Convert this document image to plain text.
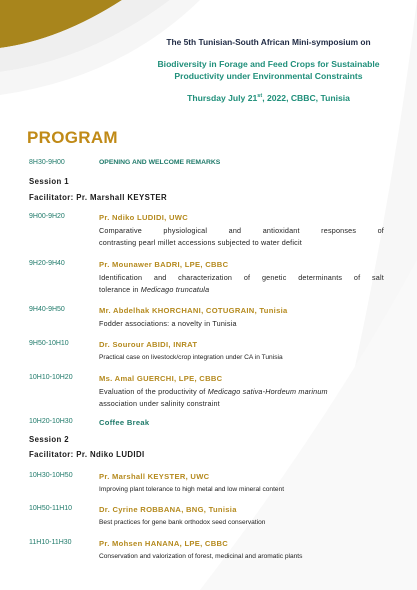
The 5th Tunisian-South African Mini-symposium on
Biodiversity in Forage and Feed Crops for Sustainable
Productivity under Environmental Constraints
Thursday July 21st, 2022, CBBC, Tunisia
PROGRAM
8H30-9H00	OPENING AND WELCOME REMARKS
Session 1
Facilitator: Pr. Marshall KEYSTER
9H00-9H20	Pr. Ndiko LUDIDI, UWC
Comparative physiological and antioxidant responses of
contrasting pearl millet accessions subjected to water deficit
9H20-9H40	Pr. Mounawer BADRI, LPE, CBBC
Identification and characterization of genetic determinants of salt
tolerance in Medicago truncatula
9H40-9H50	Mr. Abdelhak KHORCHANI, COTUGRAIN, Tunisia
Fodder associations: a novelty in Tunisia
9H50-10H10	Dr. Sourour ABIDI, INRAT
Practical case on livestock/crop integration under CA in Tunisia
10H10-10H20	Ms. Amal GUERCHI, LPE, CBBC
Evaluation of the productivity of Medicago sativa-Hordeum marinum
association under salinity constraint
10H20-10H30	Coffee Break
Session 2
Facilitator: Pr. Ndiko LUDIDI
10H30-10H50	Pr. Marshall KEYSTER, UWC
Improving plant tolerance to high metal and low mineral content
10H50-11H10	Dr. Cyrine ROBBANA, BNG, Tunisia
Best practices for gene bank orthodox seed conservation
11H10-11H30	Pr. Mohsen HANANA, LPE, CBBC
Conservation and valorization of forest, medicinal and aromatic plants
